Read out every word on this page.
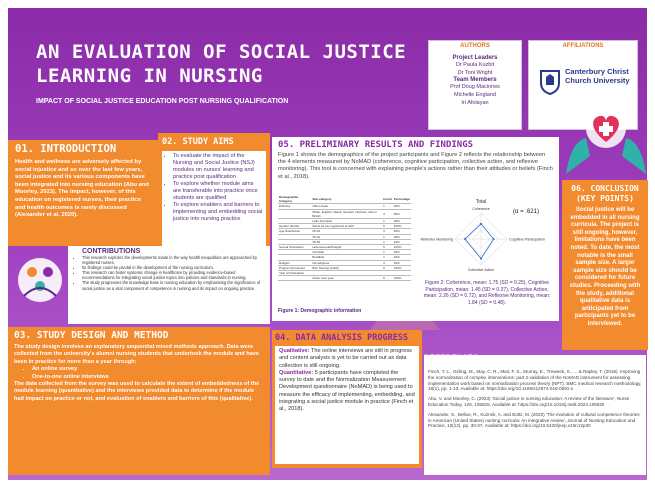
AN EVALUATION OF SOCIAL JUSTICE LEARNING IN NURSING
IMPACT OF SOCIAL JUSTICE EDUCATION POST NURSING QUALIFICATION
AUTHORS
Project Leaders
Dr Paula Kuzbit
Dr Toni Wright
Team Members
Prof Doug Macinnes
Michelle England
Iri Afolayan
AFFILIATIONS
Canterbury Christ Church University
01. INTRODUCTION

Health and wellness are adversely affected by social injustice and so over the last few years, social justice and its various components have been integrated into nursing education (Abu and Moorley, 2023). The impact, however, of this education on registered nurses, their practice and health outcomes is rarely discussed (Alexander et al, 2020).

02. STUDY AIMS
• To evaluate the impact of the Nursing and Social Justice (NSJ) modules on nurses' learning and practice post qualification
• To explore whether module aims are transferable into practice once students are qualified
• To explore enablers and barriers to implementing and embedding social justice into nursing practice
CONTRIBUTIONS
• This research explores the developments made in the way health inequalities are approached by registered nurses.
• Its findings could be pivotal in the development of the nursing curriculum.
• This research can foster systemic change in healthcare by providing evidence-based recommendations for integrating social justice topics into policies and standards in nursing.
• The study progresses the knowledge base in nursing education by emphasising the significance of social justice as a vital component of competence in nursing and its impact on ongoing practice.
03. STUDY DESIGN AND METHOD

The study design involves an explanatory sequential mixed methods approach. Data were collected from the university's alumni nursing students that undertook the module and have been in practice for more than a year through:

• An online survey
• One-to-one online interviews

The data collected from the survey was used to calculate the extent of embeddedness of the module learning (quantitative) and the interviews provided data to determine if the module had impact on practice or not, and evaluation of enablers and barriers of this (qualitative).

05. PRELIMINARY RESULTS AND FINDINGS

Figure 1 shows the demographics of the project participants and Figure 2 reflects the relationship between the 4 elements measured by NoMAD (coherence, cognitive participation, collective action, and reflexive monitoring). This tool is concerned with explaining people's actions rather than their attitudes or beliefs (Finch et al., 2018).

Demographic Category	Sub-category	Count	Percentage
Ethnicity	Other Asian	1	20%
	White: English, Welsh, Scottish, Northern Irish or British	3	60%
	Latin American	1	20%
Gender Identity	Same as sex registered at birth	5	100%
Age Distribution	25-34	3	60%
	35-44	1	20%
	45-54	1	20%
Sexual Orientation	Heterosexual/Straight	5	100%
	Christian	1	20%
	Buddhist	1	20%
Religion	Nonreligious	3	60%
Program Enrolment	BSc Nursing (Adult)	5	100%
Year of Graduation			
	Class: less year	5	100%
Figure 1: Demographic information
Total
(α = .621)
Coherence
Cognitive Participation
Collective Action
Reflexive Monitoring
Figure 2: Coherence, mean: 1.75 (SD = 0.25), Cognitive Participation, mean: 1.45 (SD = 0.37), Collective Action, mean: 2.26 (SD = 0.72), and Reflexive Monitoring, mean: 1.84 (SD = 0.48).
04. DATA ANALYSIS PROGRESS

Qualitative: The online interviews are still in progress and content analysis is yet to be carried out as data collection is still ongoing.

Quantitative: 5 participants have completed the survey to date and the Normalization Measurement Development questionnaire (NoMAD) is being used to measure the efficacy of implementing, embedding, and integrating a social justice module in practice (Finch et al., 2018).

Finch, T. L., Girling, M., May, C. R., Mair, F. S., Murray, E., Treweek, S., ... & Rapley, T. (2018). Improving the normalization of complex interventions: part 2-validation of the NoMAD instrument for assessing implementation work based on normalization process theory (NPT). BMC medical research methodology, 18(1), pp. 1-13. Available at: https://doi.org/10.1186/s12874-018-0591-x

Abu, V. and Moorley, C. (2023) 'Social justice in nursing education: A review of the literature', Nurse Education Today, 126, 105825. Available at: https://doi.org/10.1016/j.nedt.2023.105825

Alexander, S., Bellue, R., Kuzmik, A. and Boltz, M. (2020) 'The evolution of cultural competence theories in American (United States) nursing curricula: An integrative review', Journal of Nursing Education and Practice, 10(12), pp. 30-37. Available at: https://doi.org/10.5430/jnep.v10n12p30

REFERENCES
06. CONCLUSION (KEY POINTS)

Social justice will be embedded in all nursing curricula. The project is still ongoing, however, limitations have been noted. To date, the most notable is the small sample size. A larger sample size should be considered for future studies. Proceeding with the study, additional qualitative data is anticipated from participants yet to be interviewed.
